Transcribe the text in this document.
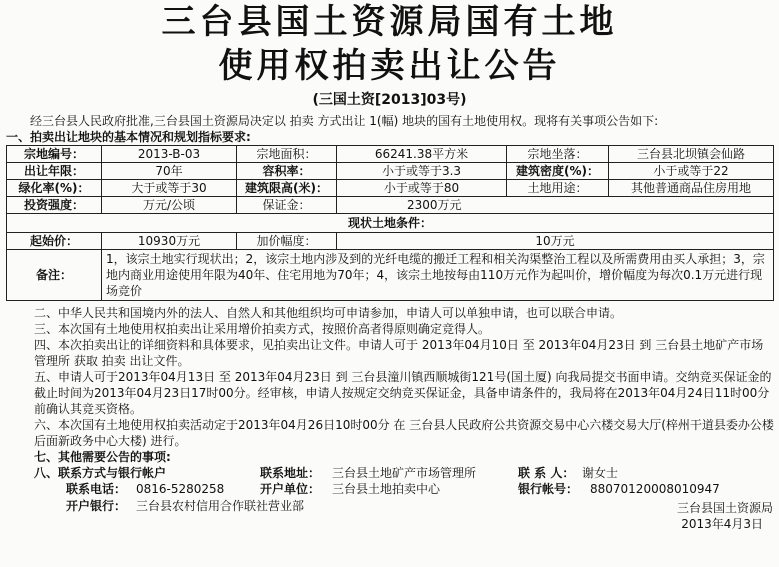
三台县国土资源局国有土地
使用权拍卖出让公告
(三国土资[2013]03号)
经三台县人民政府批准,三台县国土资源局决定以 拍卖 方式出让 1(幅) 地块的国有土地使用权。现将有关事项公告如下:
一、拍卖出让地块的基本情况和规划指标要求:
宗地编号：	2013-B-03	宗地面积：	66241.38平方米	宗地坐落：	三台县北坝镇会仙路
出让年限：	70年	容积率：	小于或等于3.3	建筑密度(%)：	小于或等于22
绿化率(%)：	大于或等于30	建筑限高(米)：	小于或等于80	土地用途：	其他普通商品住房用地
投资强度：	万元/公顷	保证金：	2300万元		
现状土地条件：					
起始价：	10930万元	加价幅度：	10万元		
备注：	1，该宗土地实行现状出；2，该宗土地内涉及到的光纤电缆的搬迁工程和相关沟渠整治工程以及所需费用由买人承担；3，宗地内商业用途使用年限为40年、住宅用地为70年；4，该宗土地按每由110万元作为起叫价，增价幅度为每次0.1万元进行现场竞价				
二、中华人民共和国境内外的法人、自然人和其他组织均可申请参加，申请人可以单独申请，也可以联合申请。
三、本次国有土地使用权拍卖出让采用增价拍卖方式，按照价高者得原则确定竞得人。
四、本次拍卖出让的详细资料和具体要求，见拍卖出让文件。申请人可于 2013年04月10日 至 2013年04月23日 到 三台县土地矿产市场管理所 获取 拍卖 出让文件。
五、申请人可于2013年04月13日 至 2013年04月23日 到 三台县潼川镇西顺城街121号(国土厦) 向我局提交书面申请。交纳竞买保证金的截止时间为2013年04月23日17时00分。经审核，申请人按规定交纳竞买保证金，具备申请条件的，我局将在2013年04月24日11时00分 前确认其竞买资格。
六、本次国有土地使用权拍卖活动定于2013年04月26日10时00分 在 三台县人民政府公共资源交易中心六楼交易大厅(梓州干道县委办公楼后面新政务中心大楼) 进行。
七、其他需要公告的事项:
八、联系方式与银行帐户	联系地址： 三台县土地矿产市场管理所	联 系 人： 谢女士
联系电话： 0816-5280258	开户单位： 三台县土地拍卖中心	银行帐号： 88070120008010947
开户银行： 三台县农村信用合作联社营业部	三台县国土资源局
2013年4月3日
